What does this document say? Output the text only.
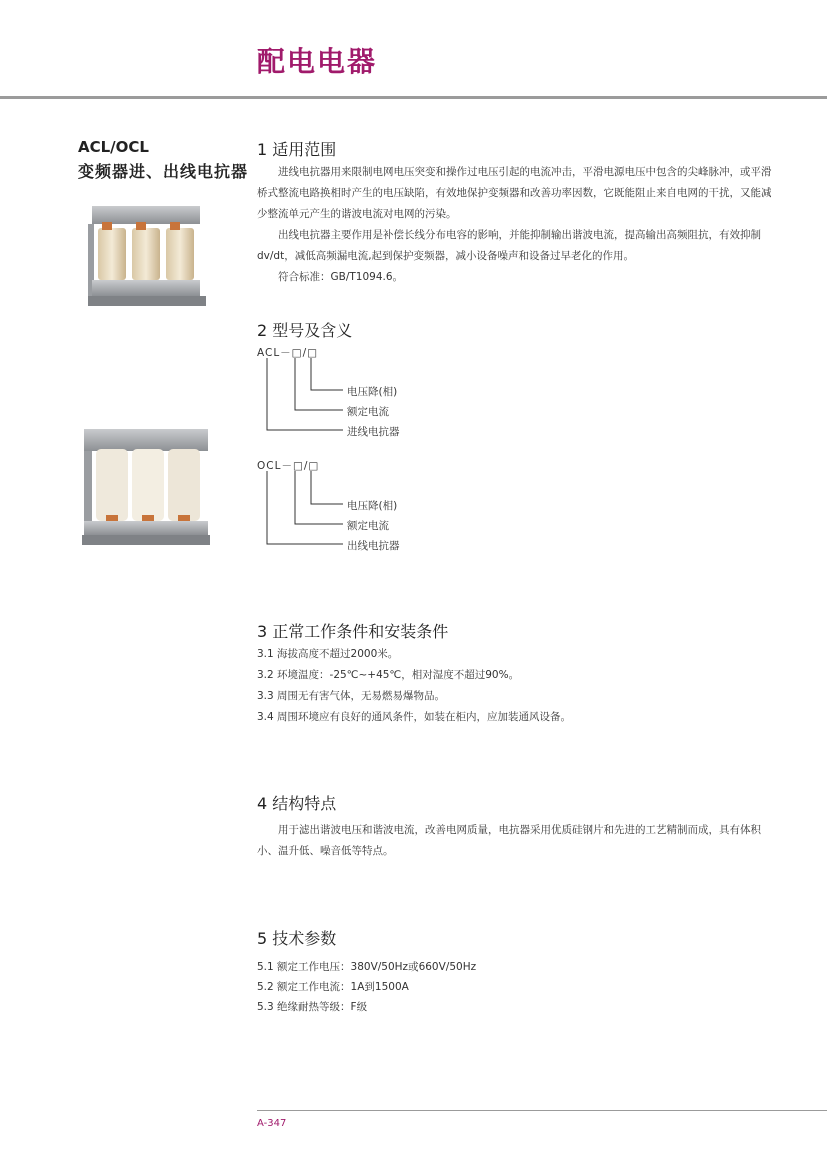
配电电器
ACL/OCL
变频器进、出线电抗器
1 适用范围
进线电抗器用来限制电网电压突变和操作过电压引起的电流冲击，平滑电源电压中包含的尖峰脉冲，或平滑桥式整流电路换相时产生的电压缺陷，有效地保护变频器和改善功率因数，它既能阻止来自电网的干扰，又能减少整流单元产生的谐波电流对电网的污染。
出线电抗器主要作用是补偿长线分布电容的影响，并能抑制输出谐波电流，提高输出高频阻抗，有效抑制dv/dt，减低高频漏电流,起到保护变频器，减小设备噪声和设备过早老化的作用。
符合标准：GB/T1094.6。
2 型号及含义
ACL－□/□
电压降(相)
额定电流
进线电抗器
OCL－□/□
电压降(相)
额定电流
出线电抗器
3 正常工作条件和安装条件
3.1 海拔高度不超过2000米。
3.2 环境温度：-25℃~+45℃，相对湿度不超过90%。
3.3 周围无有害气体，无易燃易爆物品。
3.4 周围环境应有良好的通风条件，如装在柜内，应加装通风设备。
4 结构特点
用于滤出谐波电压和谐波电流，改善电网质量，电抗器采用优质硅钢片和先进的工艺精制而成，具有体积小、温升低、噪音低等特点。
5 技术参数
5.1 额定工作电压：380V/50Hz或660V/50Hz
5.2 额定工作电流：1A到1500A
5.3 绝缘耐热等级：F级
A-347
